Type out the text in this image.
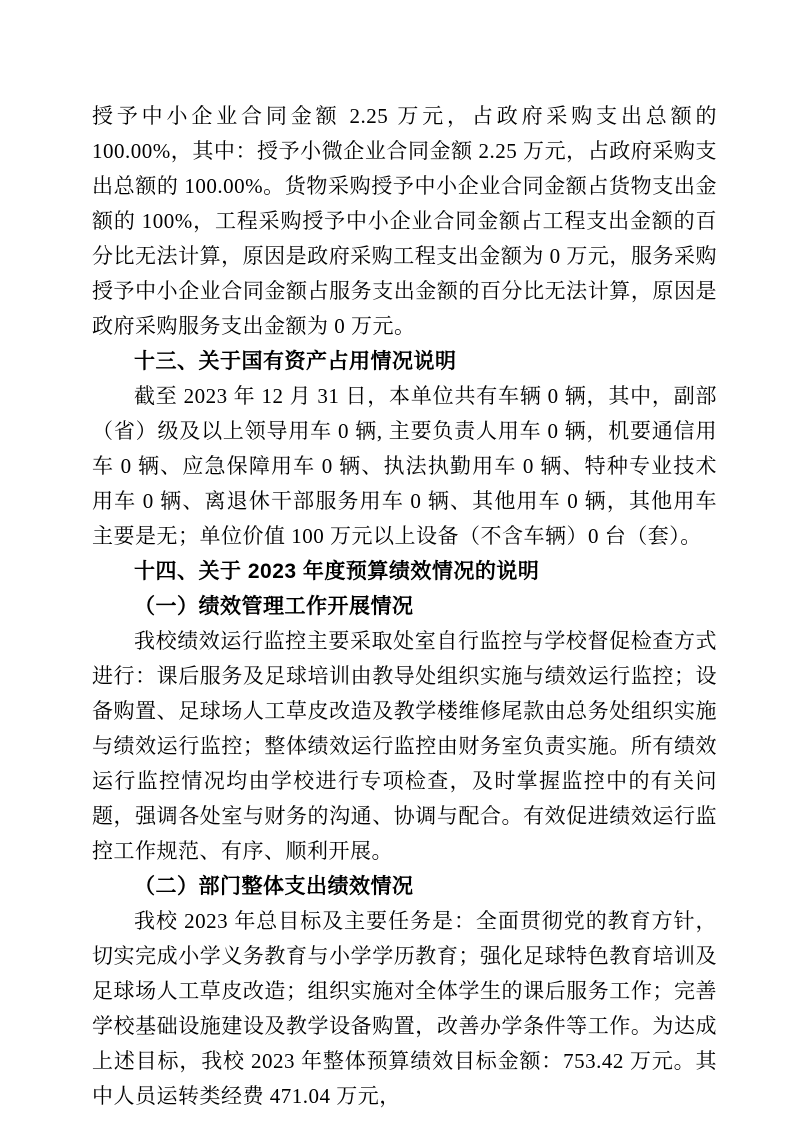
授予中小企业合同金额 2.25 万元，占政府采购支出总额的 100.00%，其中：授予小微企业合同金额 2.25 万元，占政府采购支出总额的 100.00%。货物采购授予中小企业合同金额占货物支出金额的 100%，工程采购授予中小企业合同金额占工程支出金额的百分比无法计算，原因是政府采购工程支出金额为 0 万元，服务采购授予中小企业合同金额占服务支出金额的百分比无法计算，原因是政府采购服务支出金额为 0 万元。

十三、关于国有资产占用情况说明

截至 2023 年 12 月 31 日，本单位共有车辆 0 辆，其中，副部（省）级及以上领导用车 0 辆, 主要负责人用车 0 辆，机要通信用车 0 辆、应急保障用车 0 辆、执法执勤用车 0 辆、特种专业技术用车 0 辆、离退休干部服务用车 0 辆、其他用车 0 辆，其他用车主要是无；单位价值 100 万元以上设备（不含车辆）0 台（套）。

十四、关于 2023 年度预算绩效情况的说明
（一）绩效管理工作开展情况

我校绩效运行监控主要采取处室自行监控与学校督促检查方式进行：课后服务及足球培训由教导处组织实施与绩效运行监控；设备购置、足球场人工草皮改造及教学楼维修尾款由总务处组织实施与绩效运行监控；整体绩效运行监控由财务室负责实施。所有绩效运行监控情况均由学校进行专项检查，及时掌握监控中的有关问题，强调各处室与财务的沟通、协调与配合。有效促进绩效运行监控工作规范、有序、顺利开展。

（二）部门整体支出绩效情况

我校 2023 年总目标及主要任务是：全面贯彻党的教育方针，切实完成小学义务教育与小学学历教育；强化足球特色教育培训及足球场人工草皮改造；组织实施对全体学生的课后服务工作；完善学校基础设施建设及教学设备购置，改善办学条件等工作。为达成上述目标，我校 2023 年整体预算绩效目标金额：753.42 万元。其中人员运转类经费 471.04 万元，
